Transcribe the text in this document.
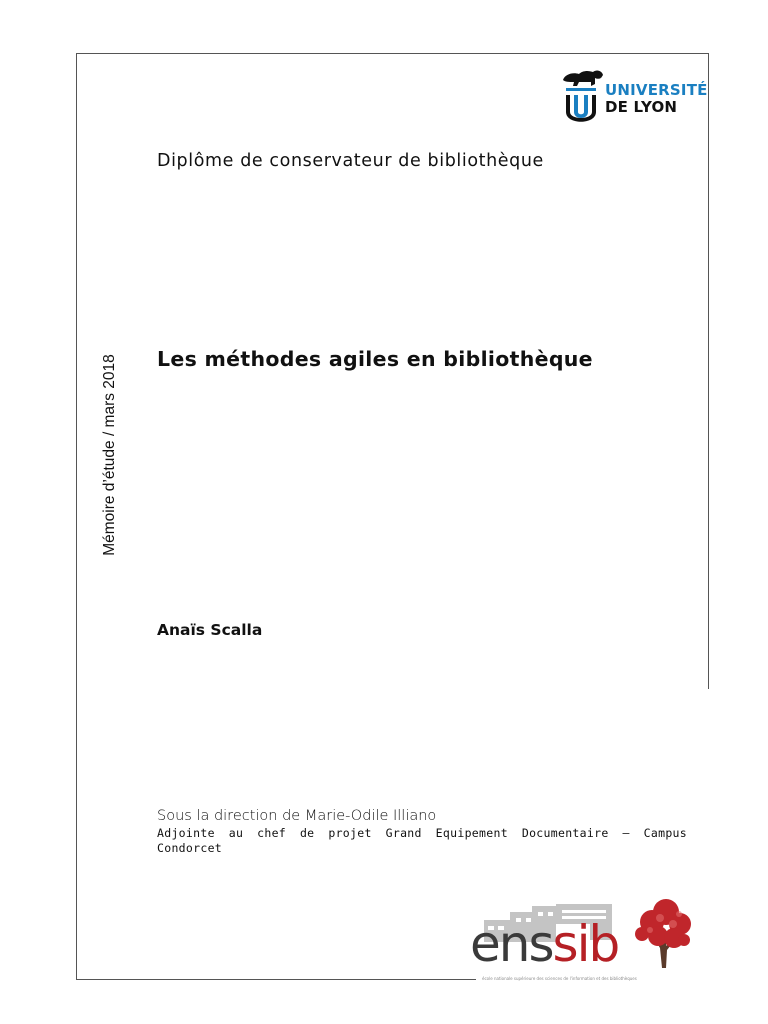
UNIVERSITÉ
DE LYON
Diplôme de conservateur de bibliothèque
Mémoire d’étude / mars 2018 Les méthodes agiles en bibliothèque
Anaïs Scalla
Sous la direction de Marie-Odile Illiano
Adjointe au chef de projet Grand Equipement Documentaire – Campus Condorcet
enssib
école nationale supérieure des sciences de l'information et des bibliothèques
